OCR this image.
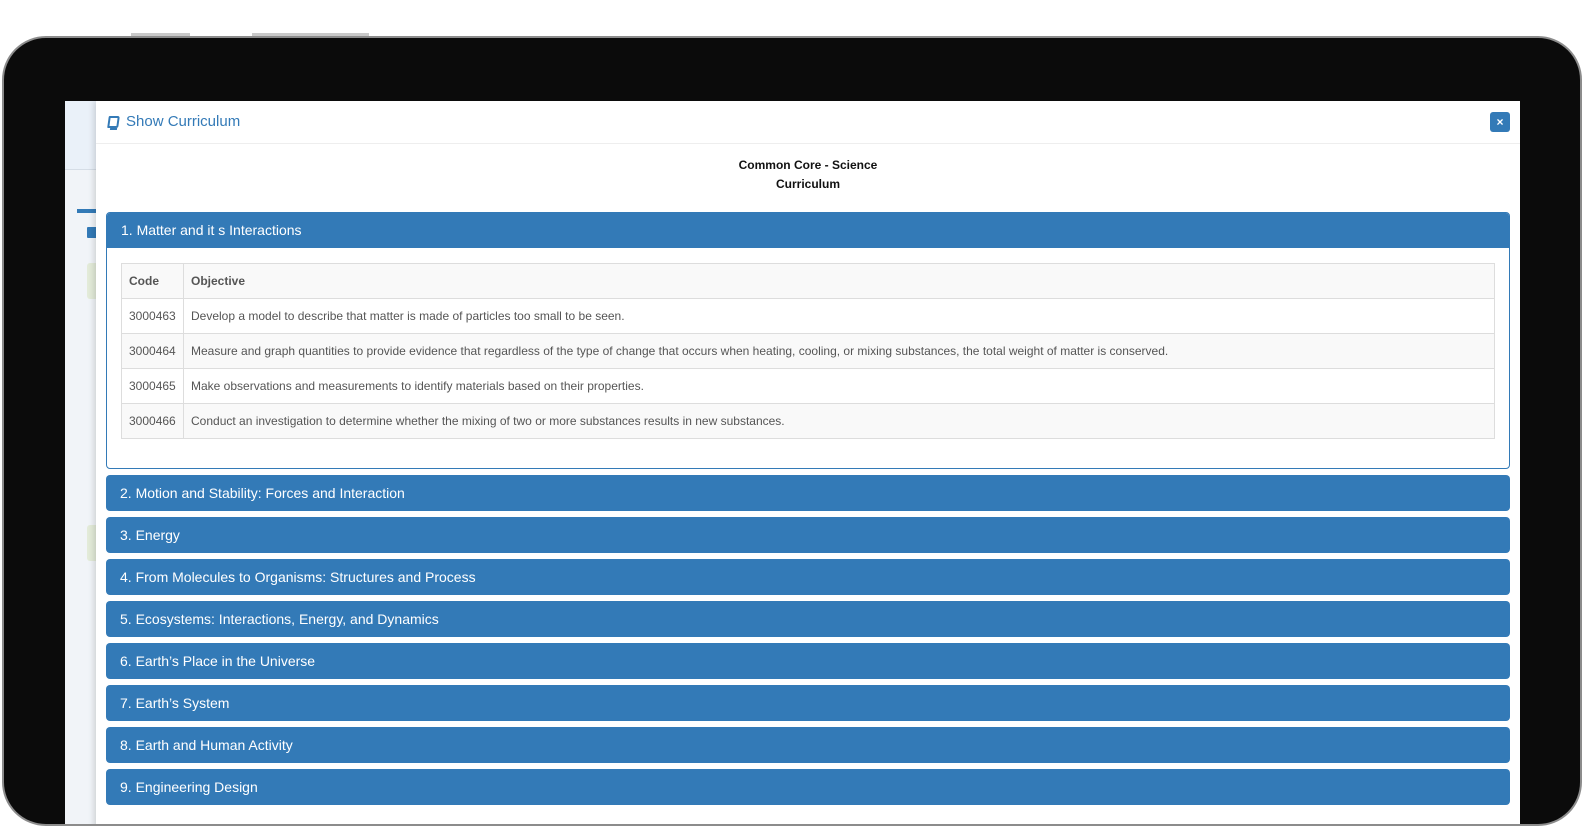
Show Curriculum	×
Common Core - Science
Curriculum
1. Matter and it s Interactions
Code	Objective
3000463	Develop a model to describe that matter is made of particles too small to be seen.
3000464	Measure and graph quantities to provide evidence that regardless of the type of change that occurs when heating, cooling, or mixing substances, the total weight of matter is conserved.
3000465	Make observations and measurements to identify materials based on their properties.
3000466	Conduct an investigation to determine whether the mixing of two or more substances results in new substances.
2. Motion and Stability: Forces and Interaction
3. Energy
4. From Molecules to Organisms: Structures and Process
5. Ecosystems: Interactions, Energy, and Dynamics
6. Earth’s Place in the Universe
7. Earth’s System
8. Earth and Human Activity
9. Engineering Design
